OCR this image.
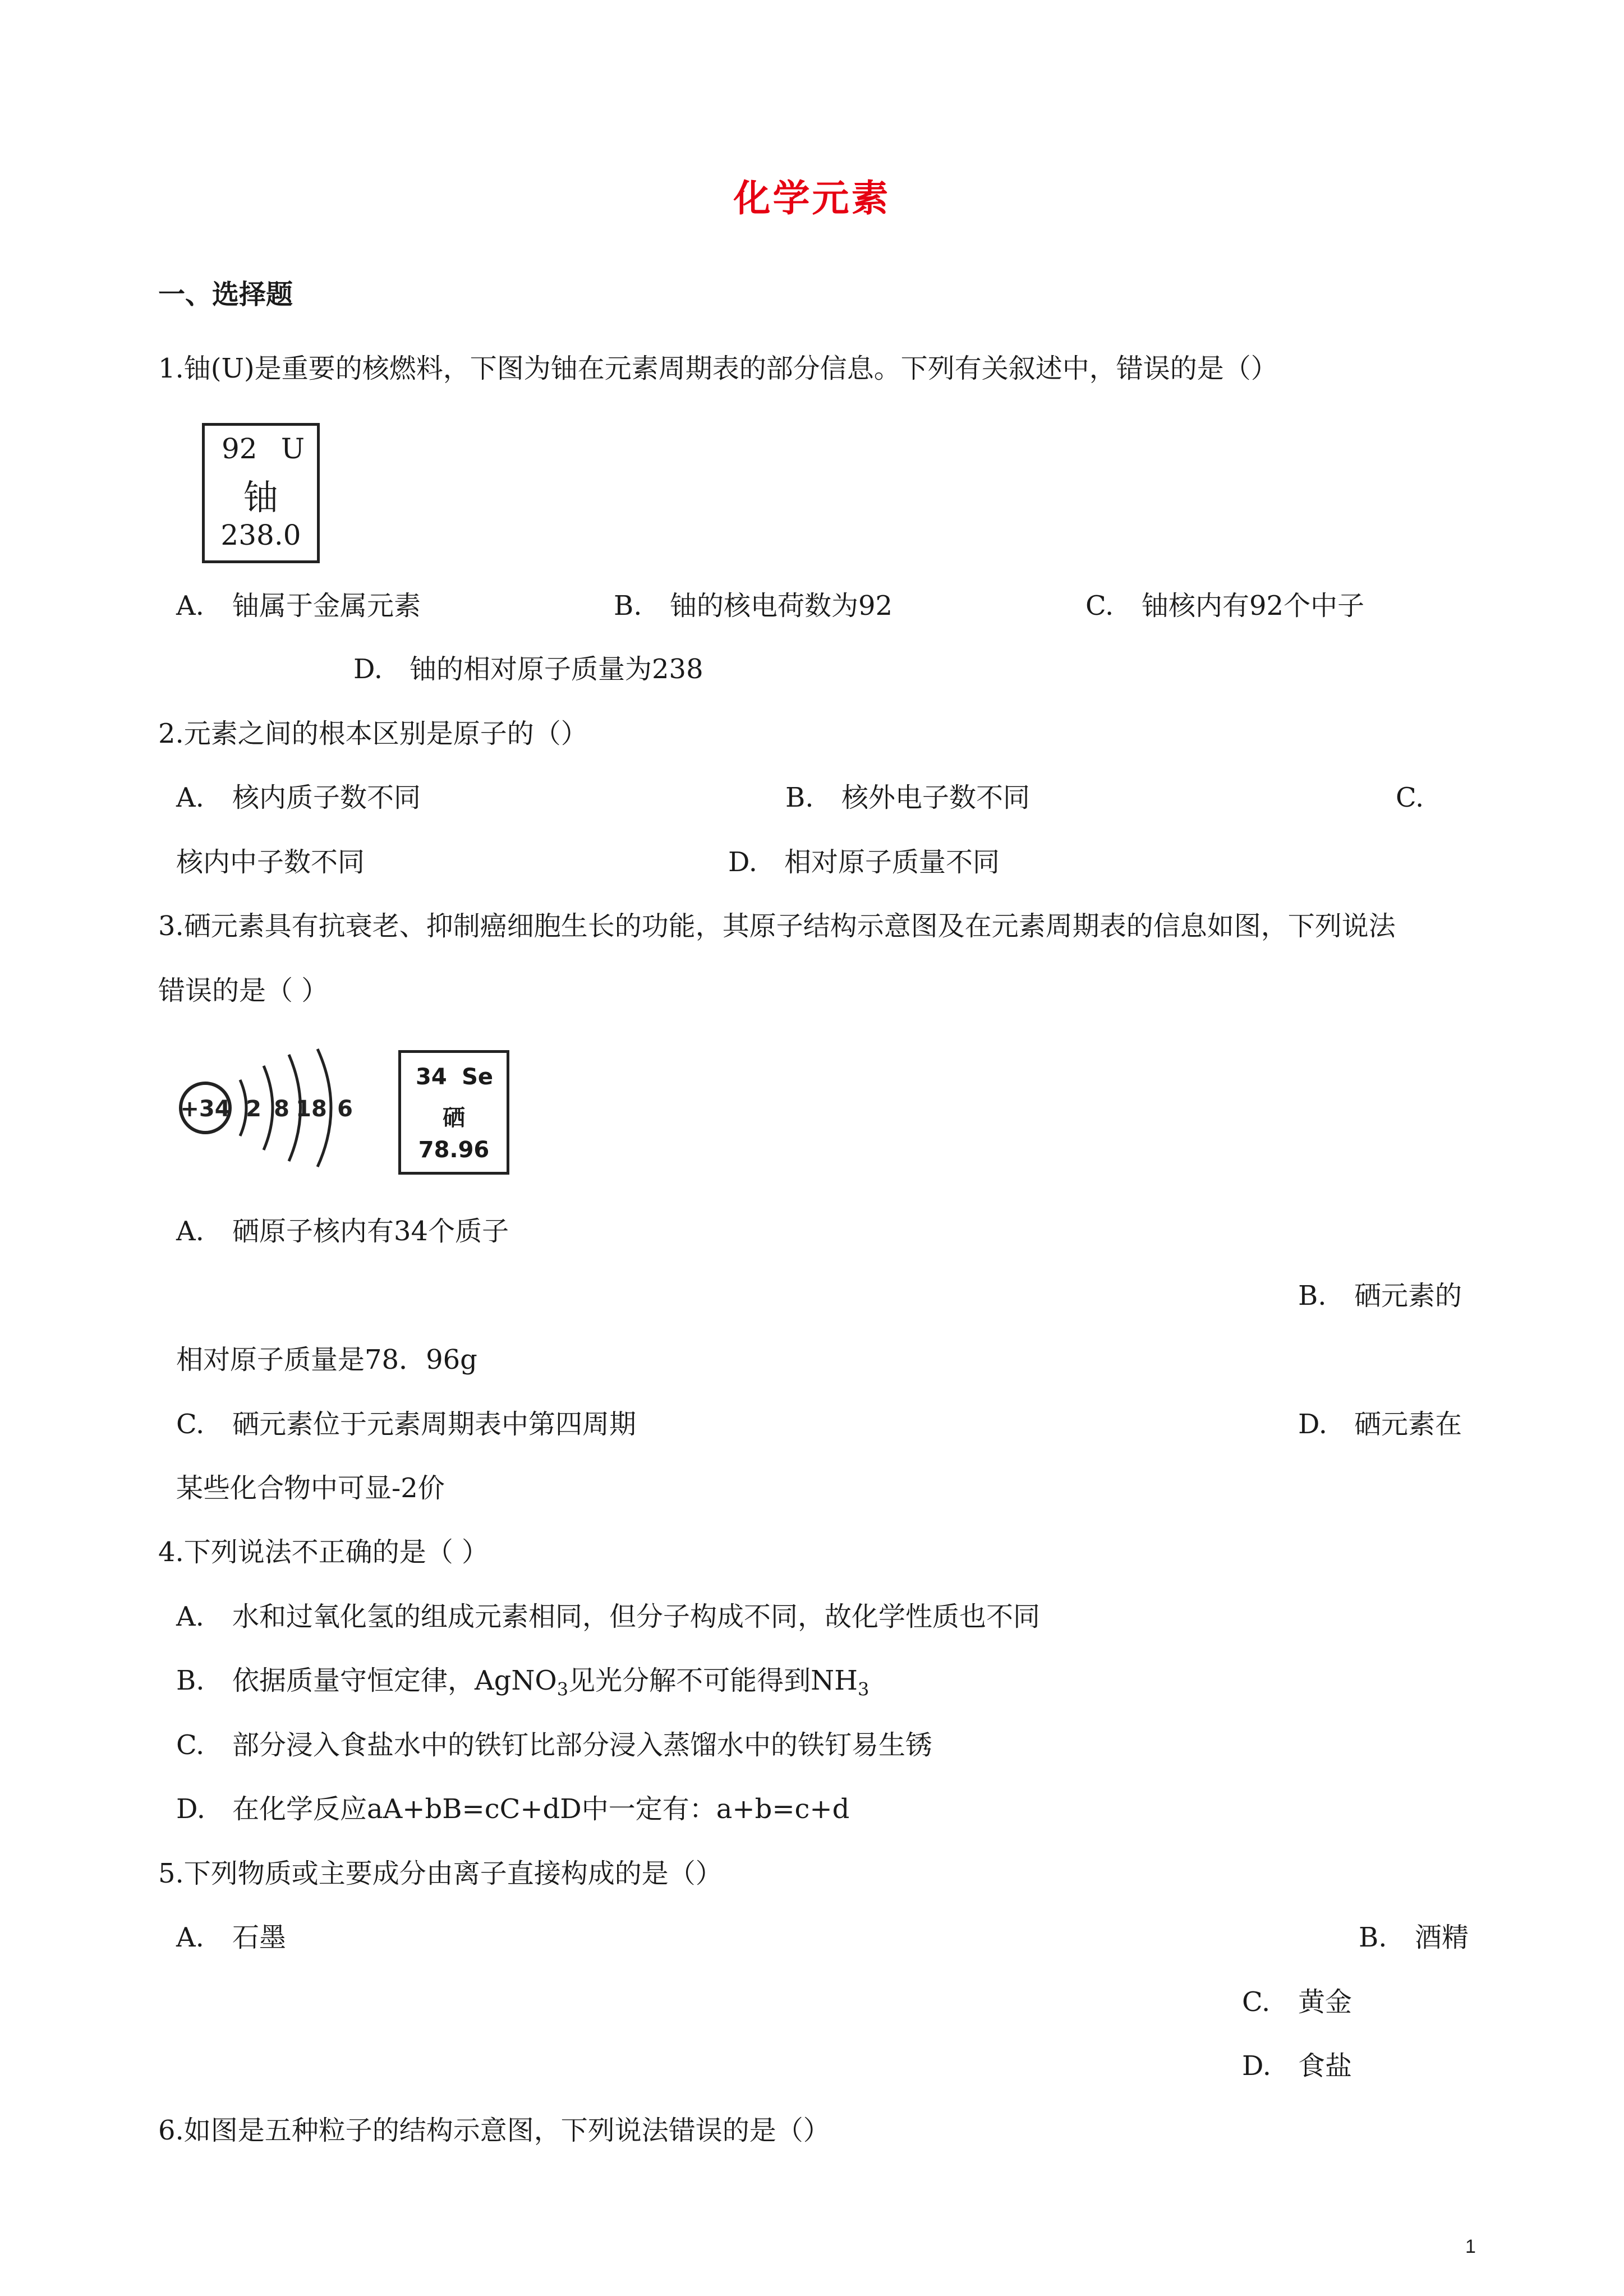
化学元素
一、选择题
1.铀(U)是重要的核燃料，下图为铀在元素周期表的部分信息。下列有关叙述中，错误的是（）
92 U
铀
238.0
A. 铀属于金属元素	B. 铀的核电荷数为92	C. 铀核内有92个中子
D. 铀的相对原子质量为238
2.元素之间的根本区别是原子的（）
A. 核内质子数不同	B. 核外电子数不同	C.
核内中子数不同	D. 相对原子质量不同
3.硒元素具有抗衰老、抑制癌细胞生长的功能，其原子结构示意图及在元素周期表的信息如图，下列说法
错误的是（ ）
+34 2 8 18 6
34 Se
硒
78.96
A. 硒原子核内有34个质子
B. 硒元素的
相对原子质量是78．96g
C. 硒元素位于元素周期表中第四周期	D. 硒元素在
某些化合物中可显-2价
4.下列说法不正确的是（ ）
A. 水和过氧化氢的组成元素相同，但分子构成不同，故化学性质也不同
B. 依据质量守恒定律，AgNO$_3$见光分解不可能得到$NH_3$
C. 部分浸入食盐水中的铁钉比部分浸入蒸馏水中的铁钉易生锈
D. 在化学反应aA+bB=cC+dD中一定有：a+b=c+d
5.下列物质或主要成分由离子直接构成的是（）
A. 石墨	B. 酒精
C. 黄金
D. 食盐
6.如图是五种粒子的结构示意图，下列说法错误的是（）
1
